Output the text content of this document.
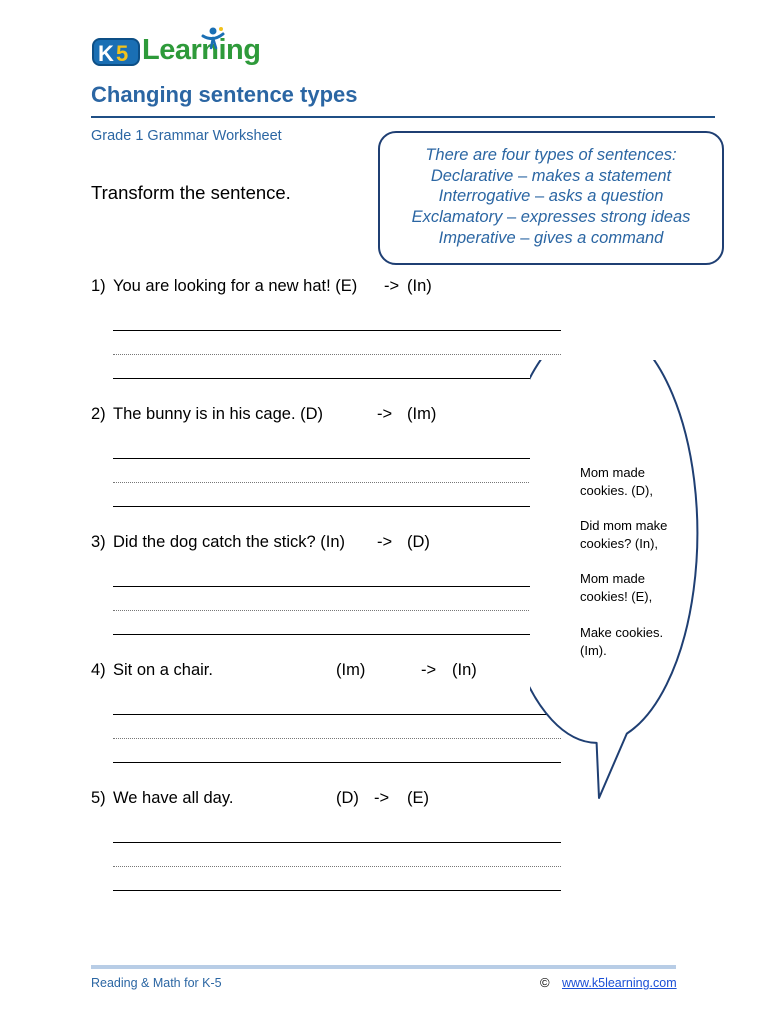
K 5 Learning
Changing sentence types
Grade 1 Grammar Worksheet
Transform the sentence.
There are four types of sentences:
Declarative – makes a statement
Interrogative – asks a question
Exclamatory – expresses strong ideas
Imperative – gives a command
1) You are looking for a new hat! (E) -> (In)
2) The bunny is in his cage. (D)	-> (Im)
3) Did the dog catch the stick? (In) -> (D)
4) Sit on a chair.	(Im)	-> (In)
5) We have all day.	(D) -> (E)
Mom made
cookies. (D),
Did mom make
cookies? (In),
Mom made
cookies! (E),
Make cookies.
(Im).
Reading & Math for K-5	© www.k5learning.com
